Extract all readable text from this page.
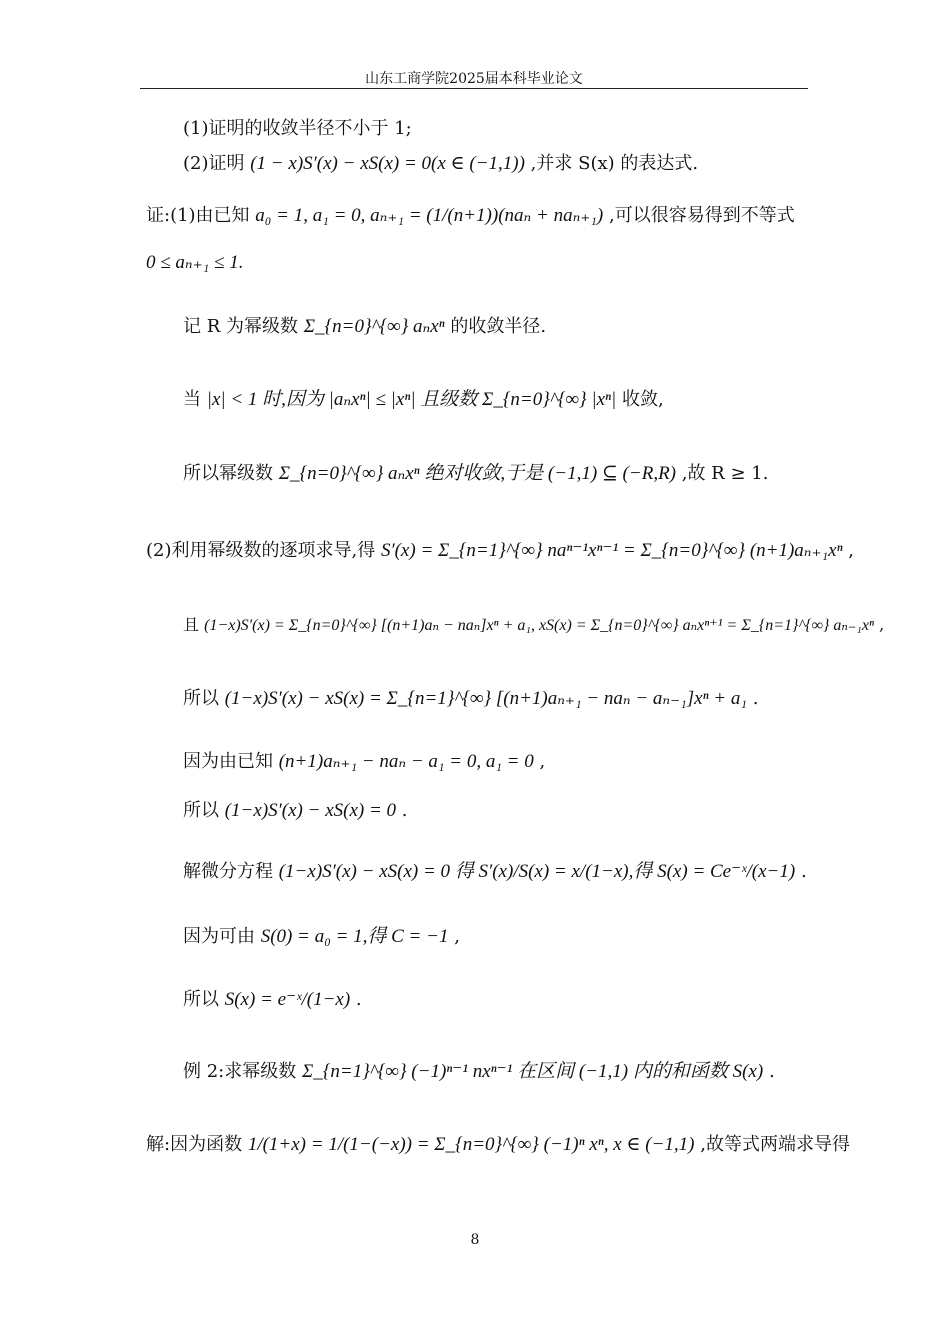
山东工商学院2025届本科毕业论文
(1)证明的收敛半径不小于 1;
(2)证明 (1 − x)S′(x) − xS(x) = 0(x ∈ (−1,1)) ,并求 S(x) 的表达式.
证:(1)由已知 a₀ = 1, a₁ = 0, aₙ₊₁ = (1/(n+1))(naₙ + naₙ₊₁) ,可以很容易得到不等式
0 ≤ aₙ₊₁ ≤ 1.
记 R 为幂级数 Σ_{n=0}^{∞} aₙxⁿ 的收敛半径.
当 |x| < 1 时,因为 |aₙxⁿ| ≤ |xⁿ| 且级数 Σ_{n=0}^{∞} |xⁿ| 收敛,
所以幂级数 Σ_{n=0}^{∞} aₙxⁿ 绝对收敛,于是 (−1,1) ⊆ (−R,R) ,故 R ≥ 1.
(2)利用幂级数的逐项求导,得 S′(x) = Σ_{n=1}^{∞} naⁿ⁻¹xⁿ⁻¹ = Σ_{n=0}^{∞} (n+1)aₙ₊₁xⁿ ,
且 (1−x)S′(x) = Σ_{n=0}^{∞} [(n+1)aₙ − naₙ]xⁿ + a₁, xS(x) = Σ_{n=0}^{∞} aₙxⁿ⁺¹ = Σ_{n=1}^{∞} aₙ₋₁xⁿ ,
所以 (1−x)S′(x) − xS(x) = Σ_{n=1}^{∞} [(n+1)aₙ₊₁ − naₙ − aₙ₋₁]xⁿ + a₁ .
因为由已知 (n+1)aₙ₊₁ − naₙ − a₁ = 0, a₁ = 0 ,
所以 (1−x)S′(x) − xS(x) = 0 .
解微分方程 (1−x)S′(x) − xS(x) = 0 得 S′(x)/S(x) = x/(1−x),得 S(x) = Ce⁻ˣ/(x−1) .
因为可由 S(0) = a₀ = 1,得 C = −1 ,
所以 S(x) = e⁻ˣ/(1−x) .
例 2:求幂级数 Σ_{n=1}^{∞} (−1)ⁿ⁻¹ nxⁿ⁻¹ 在区间 (−1,1) 内的和函数 S(x) .
解:因为函数 1/(1+x) = 1/(1−(−x)) = Σ_{n=0}^{∞} (−1)ⁿ xⁿ, x ∈ (−1,1) ,故等式两端求导得
8
